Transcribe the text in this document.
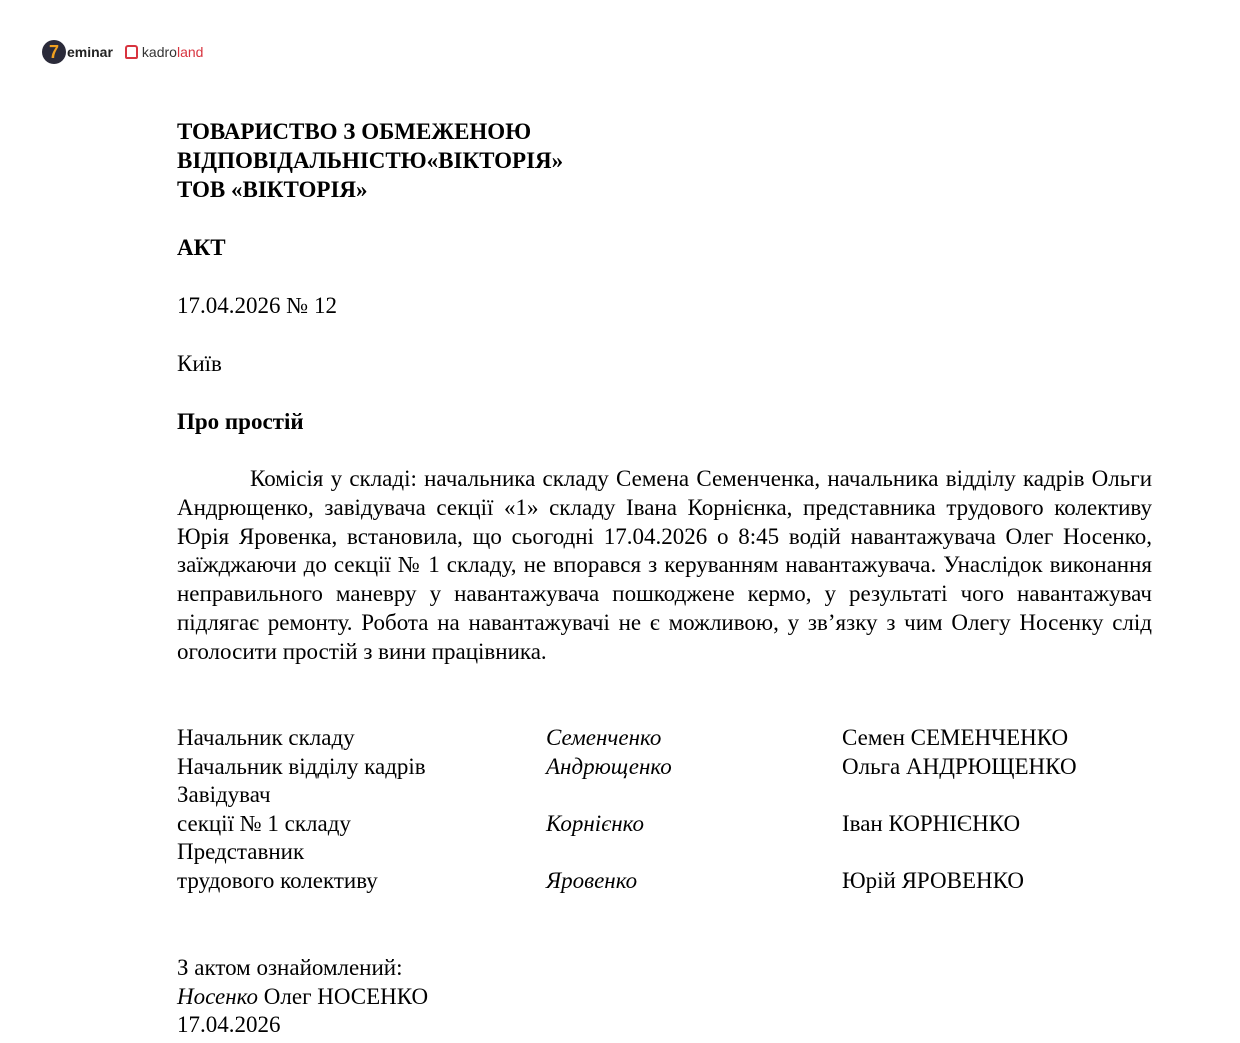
7 eminar kadro land
ТОВАРИСТВО З ОБМЕЖЕНОЮ
ВІДПОВІДАЛЬНІСТЮ«ВІКТОРІЯ»
ТОВ «ВІКТОРІЯ»
АКТ
17.04.2026 № 12
Київ
Про простій
Комісія у складі: начальника складу Семена Семенченка, начальника відділу кадрів Ольги Андрющенко, завідувача секції «1» складу Івана Корнієнка, представника трудового колективу Юрія Яровенка, встановила, що сьогодні 17.04.2026 о 8:45 водій навантажувача Олег Носенко, заїжджаючи до секції № 1 складу, не впорався з керуванням навантажувача. Унаслідок виконання неправильного маневру у навантажувача пошкоджене кермо, у результаті чого навантажувач підлягає ремонту. Робота на навантажувачі не є можливою, у зв’язку з чим Олегу Носенку слід оголосити простій з вини працівника.
Начальник складу	Семенченко	Семен СЕМЕНЧЕНКО
Начальник відділу кадрів	Андрющенко	Ольга АНДРЮЩЕНКО
Завідувач
секції № 1 складу	Корнієнко	Іван КОРНІЄНКО
Представник
трудового колективу	Яровенко	Юрій ЯРОВЕНКО
З актом ознайомлений:
Носенко Олег НОСЕНКО
17.04.2026
